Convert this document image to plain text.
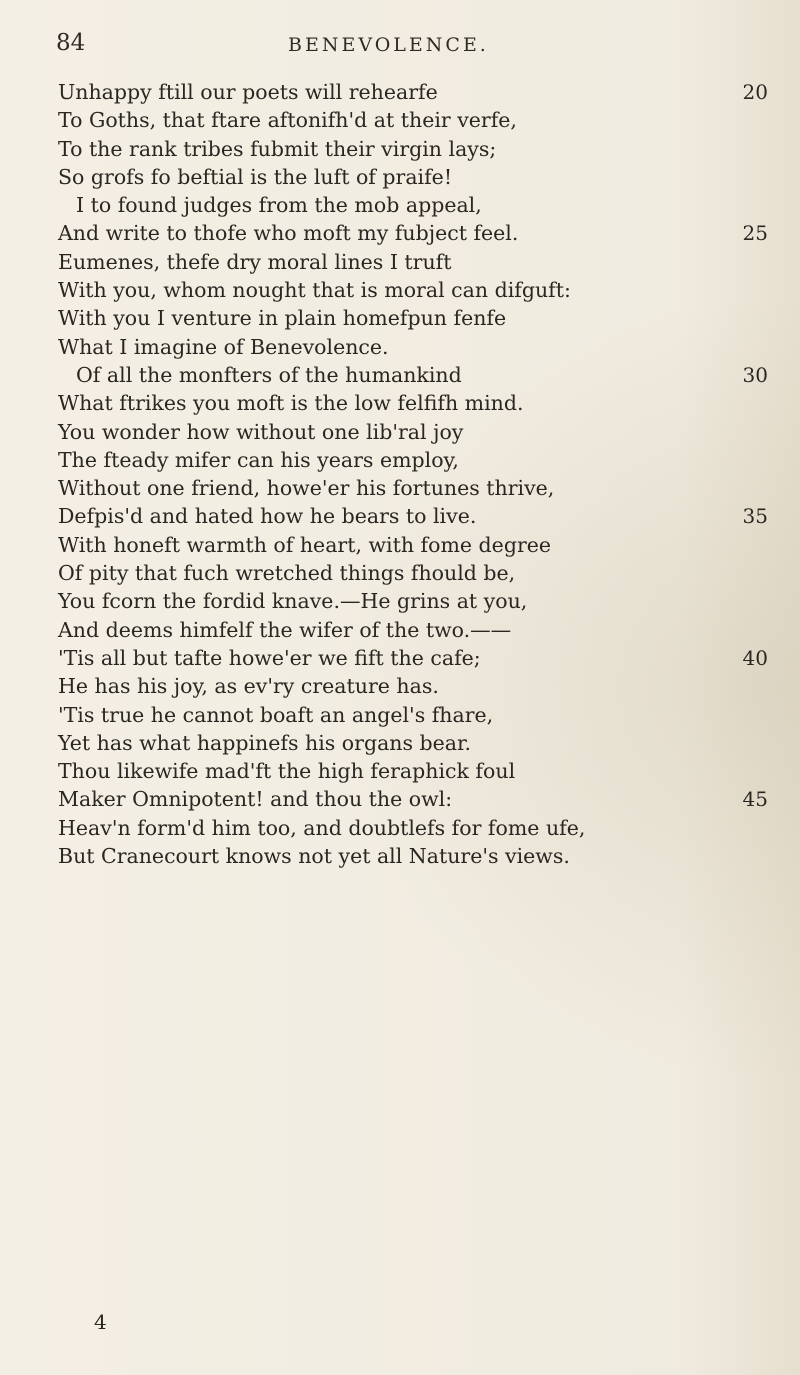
84	BENEVOLENCE.
Unhappy ftill our poets will rehearfe	20
To Goths, that ftare aftonifh'd at their verfe,
To the rank tribes fubmit their virgin lays;
So grofs fo beftial is the luft of praife!
I to found judges from the mob appeal,
And write to thofe who moft my fubject feel.	25
Eumenes, thefe dry moral lines I truft
With you, whom nought that is moral can difguft:
With you I venture in plain homefpun fenfe
What I imagine of Benevolence.
Of all the monfters of the humankind	30
What ftrikes you moft is the low felfifh mind.
You wonder how without one lib'ral joy
The fteady mifer can his years employ,
Without one friend, howe'er his fortunes thrive,
Defpis'd and hated how he bears to live.	35
With honeft warmth of heart, with fome degree
Of pity that fuch wretched things fhould be,
You fcorn the fordid knave.—He grins at you,
And deems himfelf the wifer of the two.——
'Tis all but tafte howe'er we fift the cafe;	40
He has his joy, as ev'ry creature has.
'Tis true he cannot boaft an angel's fhare,
Yet has what happinefs his organs bear.
Thou likewife mad'ft the high feraphick foul
Maker Omnipotent! and thou the owl:	45
Heav'n form'd him too, and doubtlefs for fome ufe,
But Cranecourt knows not yet all Nature's views.
4
